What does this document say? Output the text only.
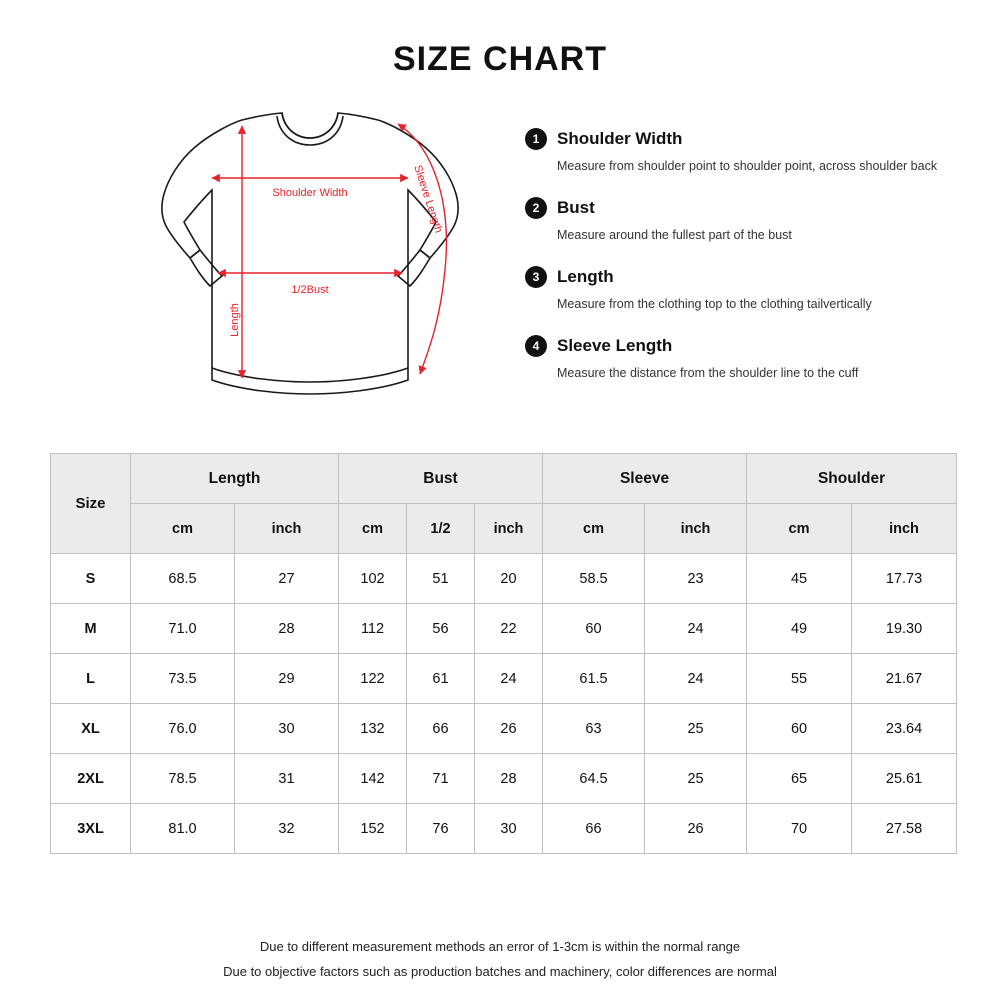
SIZE CHART
Shoulder Width
1/2Bust
Length
Sleeve Length
1	Shoulder Width
Measure from shoulder point to shoulder point, across shoulder back
2	Bust
Measure around the fullest part of the bust
3	Length
Measure from the clothing top to the clothing tailvertically
4	Sleeve Length
Measure the distance from the shoulder line to the cuff
Size	Length		Bust			Sleeve		Shoulder	
	cm	inch	cm	1/2	inch	cm	inch	cm	inch
S	68.5	27	102	51	20	58.5	23	45	17.73
M	71.0	28	112	56	22	60	24	49	19.30
L	73.5	29	122	61	24	61.5	24	55	21.67
XL	76.0	30	132	66	26	63	25	60	23.64
2XL	78.5	31	142	71	28	64.5	25	65	25.61
3XL	81.0	32	152	76	30	66	26	70	27.58
Due to different measurement methods an error of 1-3cm is within the normal range
Due to objective factors such as production batches and machinery, color differences are normal
